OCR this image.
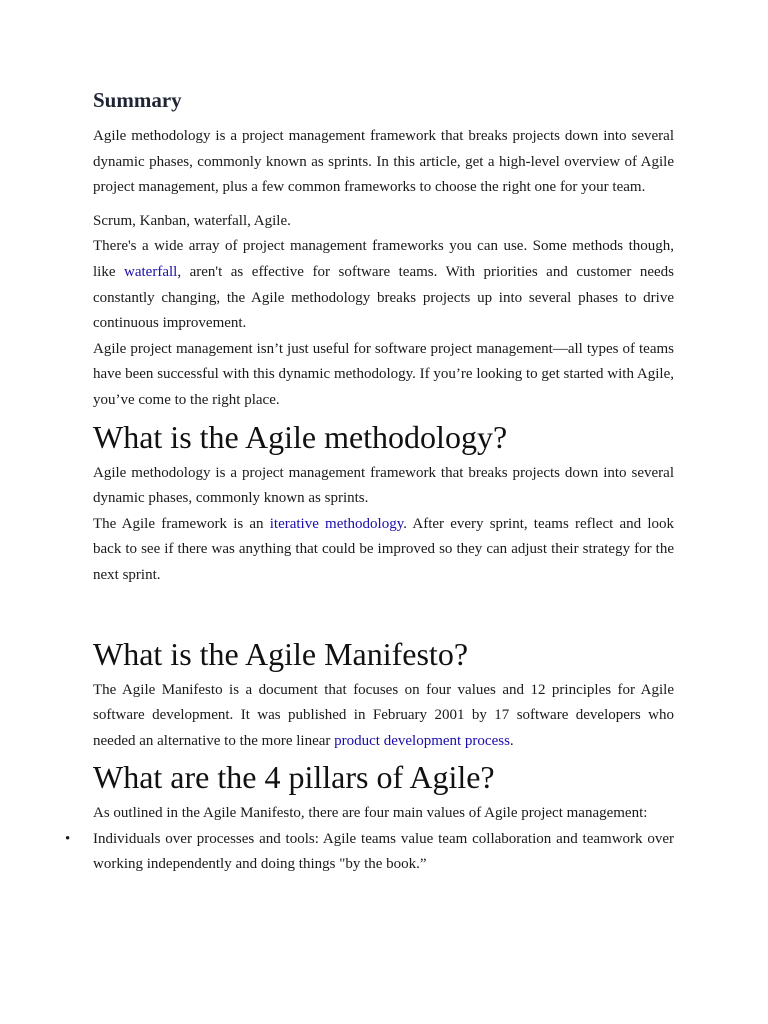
Summary

Agile methodology is a project management framework that breaks projects down into several dynamic phases, commonly known as sprints. In this article, get a high-level overview of Agile project management, plus a few common frameworks to choose the right one for your team.

Scrum, Kanban, waterfall, Agile.

There's a wide array of project management frameworks you can use. Some methods though, like waterfall, aren't as effective for software teams. With priorities and customer needs constantly changing, the Agile methodology breaks projects up into several phases to drive continuous improvement.

Agile project management isn’t just useful for software project management—all types of teams have been successful with this dynamic methodology. If you’re looking to get started with Agile, you’ve come to the right place.

What is the Agile methodology?

Agile methodology is a project management framework that breaks projects down into several dynamic phases, commonly known as sprints.

The Agile framework is an iterative methodology. After every sprint, teams reflect and look back to see if there was anything that could be improved so they can adjust their strategy for the next sprint.

What is the Agile Manifesto?

The Agile Manifesto is a document that focuses on four values and 12 principles for Agile software development. It was published in February 2001 by 17 software developers who needed an alternative to the more linear product development process.

What are the 4 pillars of Agile?

As outlined in the Agile Manifesto, there are four main values of Agile project management:

• Individuals over processes and tools: Agile teams value team collaboration and teamwork over working independently and doing things "by the book.”
